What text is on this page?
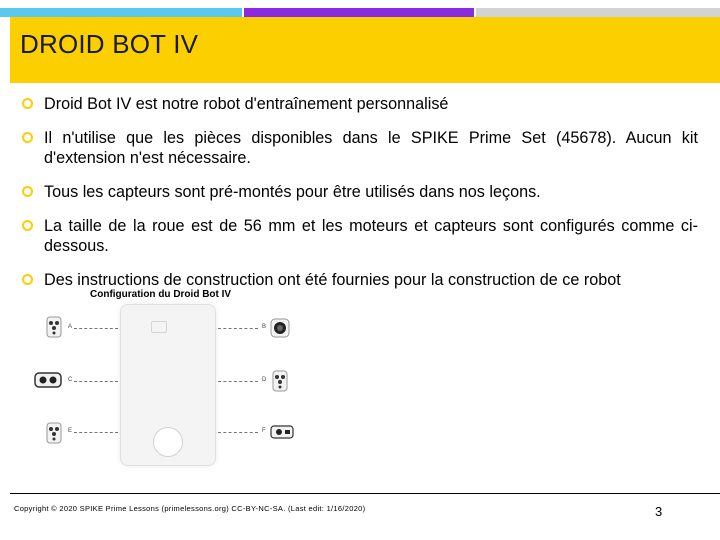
DROID BOT IV
Droid Bot IV est notre robot d'entraînement personnalisé
Il n'utilise que les pièces disponibles dans le SPIKE Prime Set (45678). Aucun kit d'extension n'est nécessaire.
Tous les capteurs sont pré-montés pour être utilisés dans nos leçons.
La taille de la roue est de 56 mm et les moteurs et capteurs sont configurés comme ci-dessous.
Des instructions de construction ont été fournies pour la construction de ce robot
Configuration du Droid Bot IV
A	B
C	D
E	F
Copyright © 2020 SPIKE Prime Lessons (primelessons.org) CC-BY-NC-SA. (Last edit: 1/16/2020)	3
